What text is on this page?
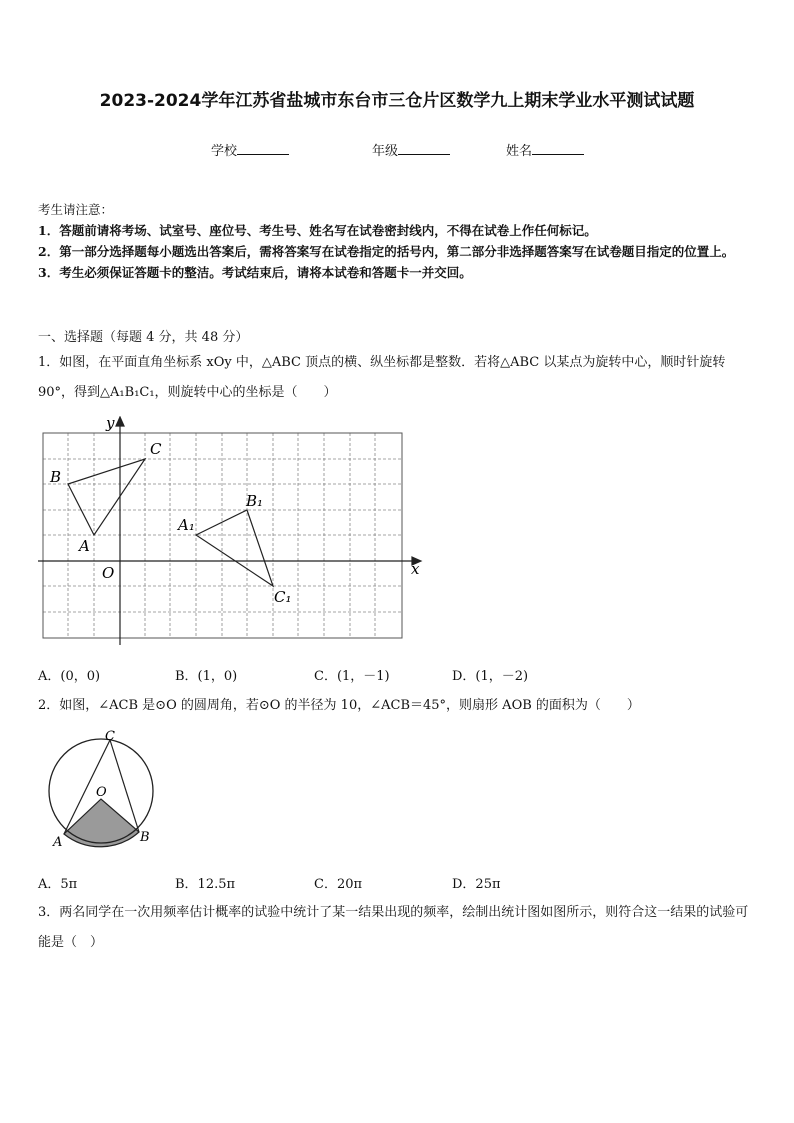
2023-2024学年江苏省盐城市东台市三仓片区数学九上期末学业水平测试试题
学校	年级	姓名

考生请注意：

1．答题前请将考场、试室号、座位号、考生号、姓名写在试卷密封线内，不得在试卷上作任何标记。

2．第一部分选择题每小题选出答案后，需将答案写在试卷指定的括号内，第二部分非选择题答案写在试卷题目指定的位置上。

3．考生必须保证答题卡的整洁。考试结束后，请将本试卷和答题卡一并交回。

一、选择题（每题 4 分，共 48 分）

1．如图，在平面直角坐标系 xOy 中，△ABC 顶点的横、纵坐标都是整数．若将△ABC 以某点为旋转中心，顺时针旋转 90°，得到△A₁B₁C₁，则旋转中心的坐标是（　　）

x
y
O
A
B
C
A₁
B₁
C₁
A．(0，0)	B．(1，0)	C．(1，－1)	D．(1，－2)

2．如图，∠ACB 是⊙O 的圆周角，若⊙O 的半径为 10，∠ACB＝45°，则扇形 AOB 的面积为（　　）

C
O
A	B
A．5π	B．12.5π	C．20π	D．25π

3．两名同学在一次用频率估计概率的试验中统计了某一结果出现的频率，绘制出统计图如图所示，则符合这一结果的试验可能是（　）
